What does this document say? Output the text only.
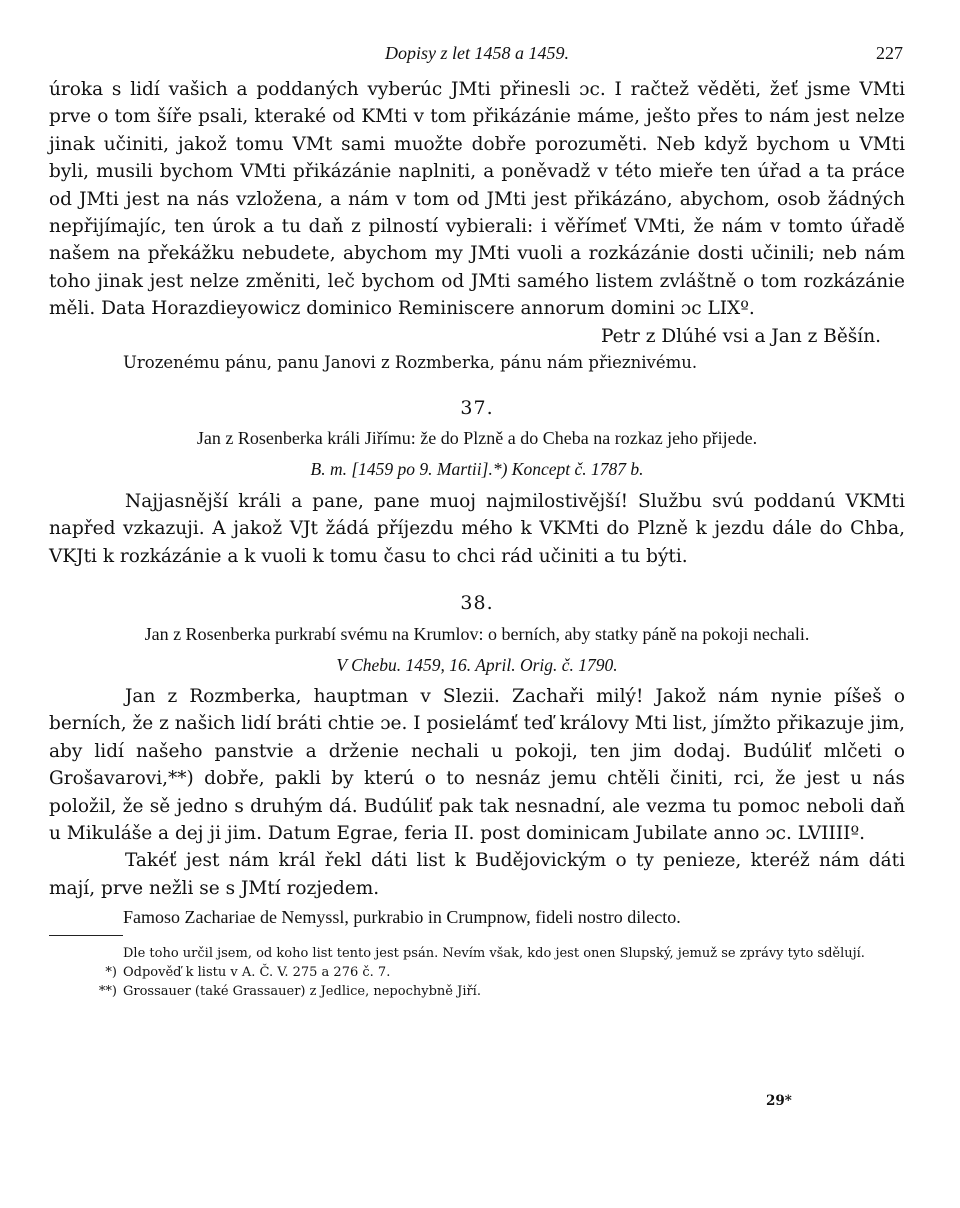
Dopisy z let 1458 a 1459.	227

úroka s lidí vašich a poddaných vyberúc JMti přinesli ɔc. I račtež věděti, žeť jsme VMti prve o tom šíře psali, kteraké od KMti v tom přikázánie máme, ješto přes to nám jest nelze jinak učiniti, jakož tomu VMt sami muožte dobře porozuměti. Neb když bychom u VMti byli, musili bychom VMti přikázánie naplniti, a poněvadž v této mieře ten úřad a ta práce od JMti jest na nás vzložena, a nám v tom od JMti jest přikázáno, abychom, osob žádných nepřijímajíc, ten úrok a tu daň z pilností vybierali: i věřímeť VMti, že nám v tomto úřadě našem na překážku nebudete, abychom my JMti vuoli a rozkázánie dosti učinili; neb nám toho jinak jest nelze změniti, leč bychom od JMti samého listem zvláštně o tom rozkázánie měli. Data Horazdieyowicz dominico Reminiscere annorum domini ɔc LIXº.

Petr z Dlúhé vsi a Jan z Běšín.

Urozenému pánu, panu Janovi z Rozmberka, pánu nám přieznivému.

37.

Jan z Rosenberka králi Jiřímu: že do Plzně a do Cheba na rozkaz jeho přijede.

B. m. [1459 po 9. Martii].*) Koncept č. 1787 b.

Najjasnější králi a pane, pane muoj najmilostivější! Službu svú poddanú VKMti napřed vzkazuji. A jakož VJt žádá příjezdu mého k VKMti do Plzně k jezdu dále do Chba, VKJti k rozkázánie a k vuoli k tomu času to chci rád učiniti a tu býti.

38.

Jan z Rosenberka purkrabí svému na Krumlov: o berních, aby statky páně na pokoji nechali.

V Chebu. 1459, 16. April. Orig. č. 1790.

Jan z Rozmberka, hauptman v Slezii. Zachaři milý! Jakož nám nynie píšeš o berních, že z našich lidí bráti chtie ɔe. I posielámť teď královy Mti list, jímžto přikazuje jim, aby lidí našeho panstvie a drženie nechali u pokoji, ten jim dodaj. Budúliť mlčeti o Grošavarovi,**) dobře, pakli by kterú o to nesnáz jemu chtěli činiti, rci, že jest u nás položil, že sě jedno s druhým dá. Budúliť pak tak nesnadní, ale vezma tu pomoc neboli daň u Mikuláše a dej ji jim. Datum Egrae, feria II. post dominicam Jubilate anno ɔc. LVIIIIº.

Takéť jest nám král řekl dáti list k Budějovickým o ty penieze, kteréž nám dáti mají, prve nežli se s JMtí rozjedem.

Famoso Zachariae de Nemyssl, purkrabio in Crumpnow, fideli nostro dilecto.

Dle toho určil jsem, od koho list tento jest psán. Nevím však, kdo jest onen Slupský, jemuž se zprávy tyto sdělují.

*) Odpověď k listu v A. Č. V. 275 a 276 č. 7.

**) Grossauer (také Grassauer) z Jedlice, nepochybně Jiří.

29*
